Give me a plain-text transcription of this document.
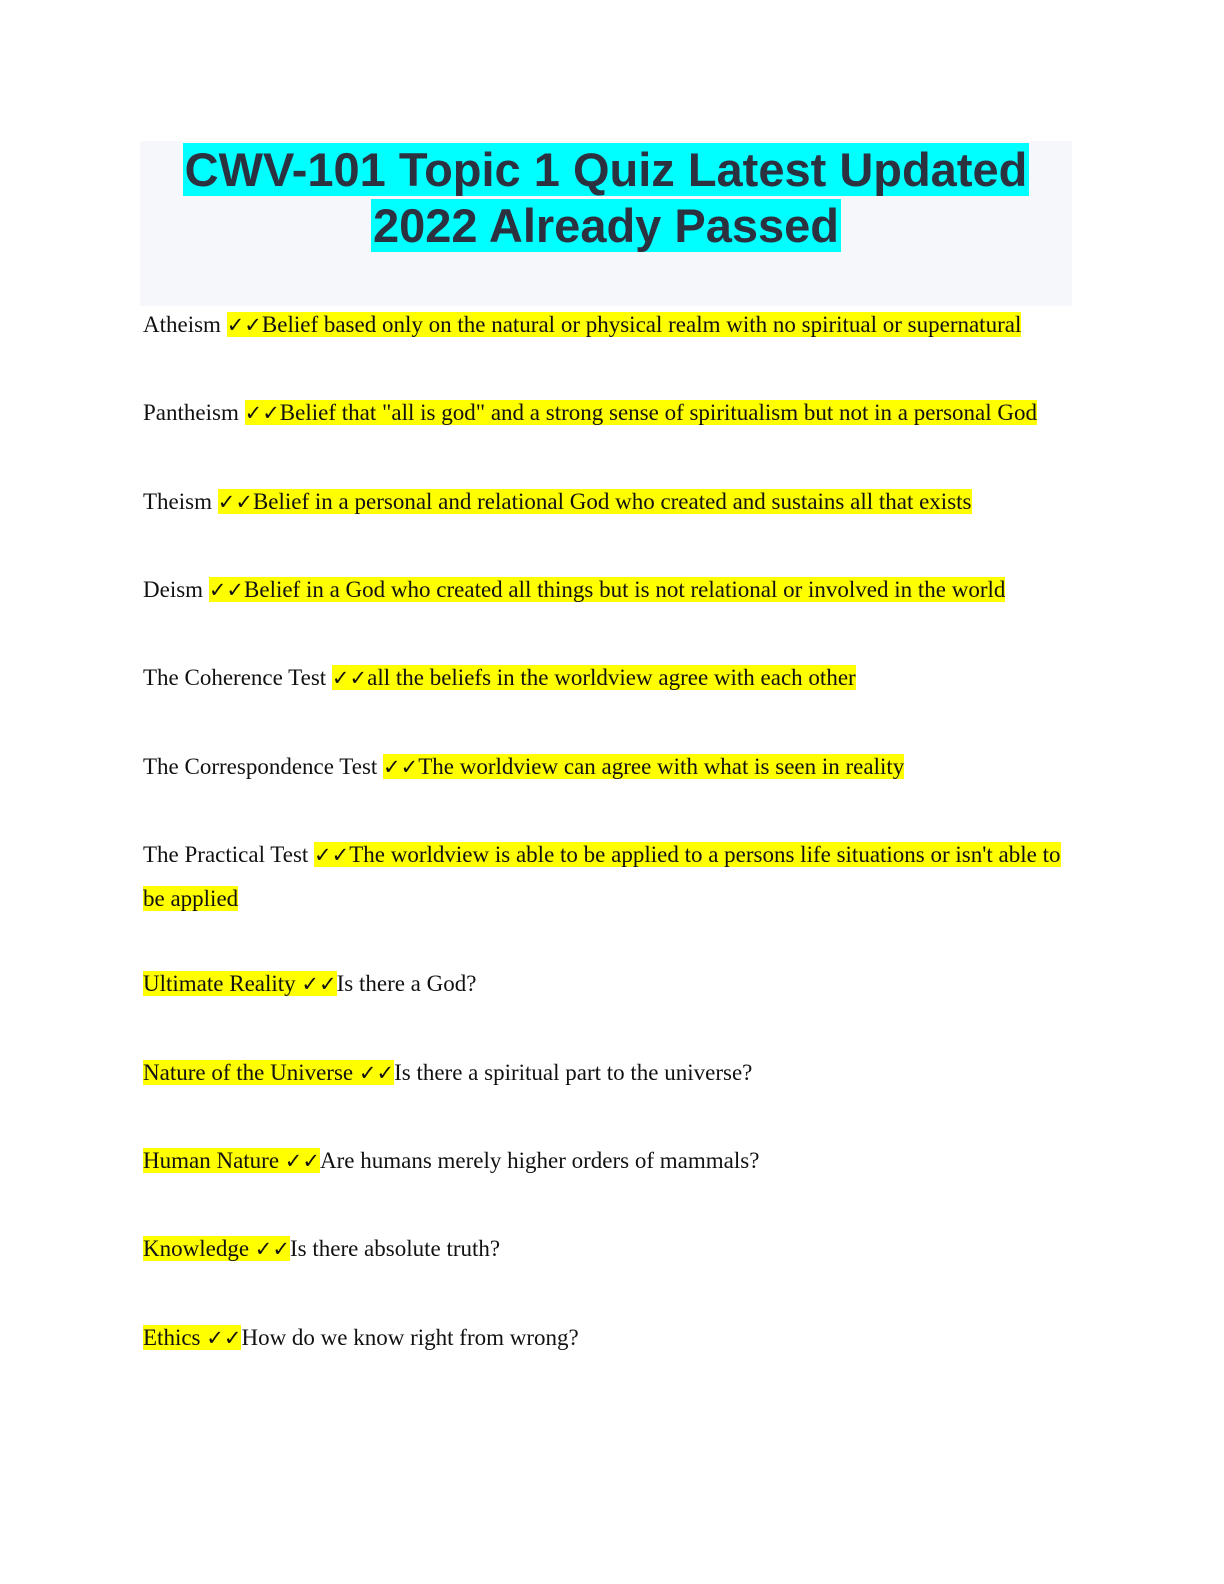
CWV-101 Topic 1 Quiz Latest Updated
2022 Already Passed
Atheism ✓✓Belief based only on the natural or physical realm with no spiritual or supernatural
Pantheism ✓✓Belief that "all is god" and a strong sense of spiritualism but not in a personal God
Theism ✓✓Belief in a personal and relational God who created and sustains all that exists
Deism ✓✓Belief in a God who created all things but is not relational or involved in the world
The Coherence Test ✓✓all the beliefs in the worldview agree with each other
The Correspondence Test ✓✓The worldview can agree with what is seen in reality
The Practical Test ✓✓The worldview is able to be applied to a persons life situations or isn't able to be applied
Ultimate Reality ✓✓Is there a God?
Nature of the Universe ✓✓Is there a spiritual part to the universe?
Human Nature ✓✓Are humans merely higher orders of mammals?
Knowledge ✓✓Is there absolute truth?
Ethics ✓✓How do we know right from wrong?
